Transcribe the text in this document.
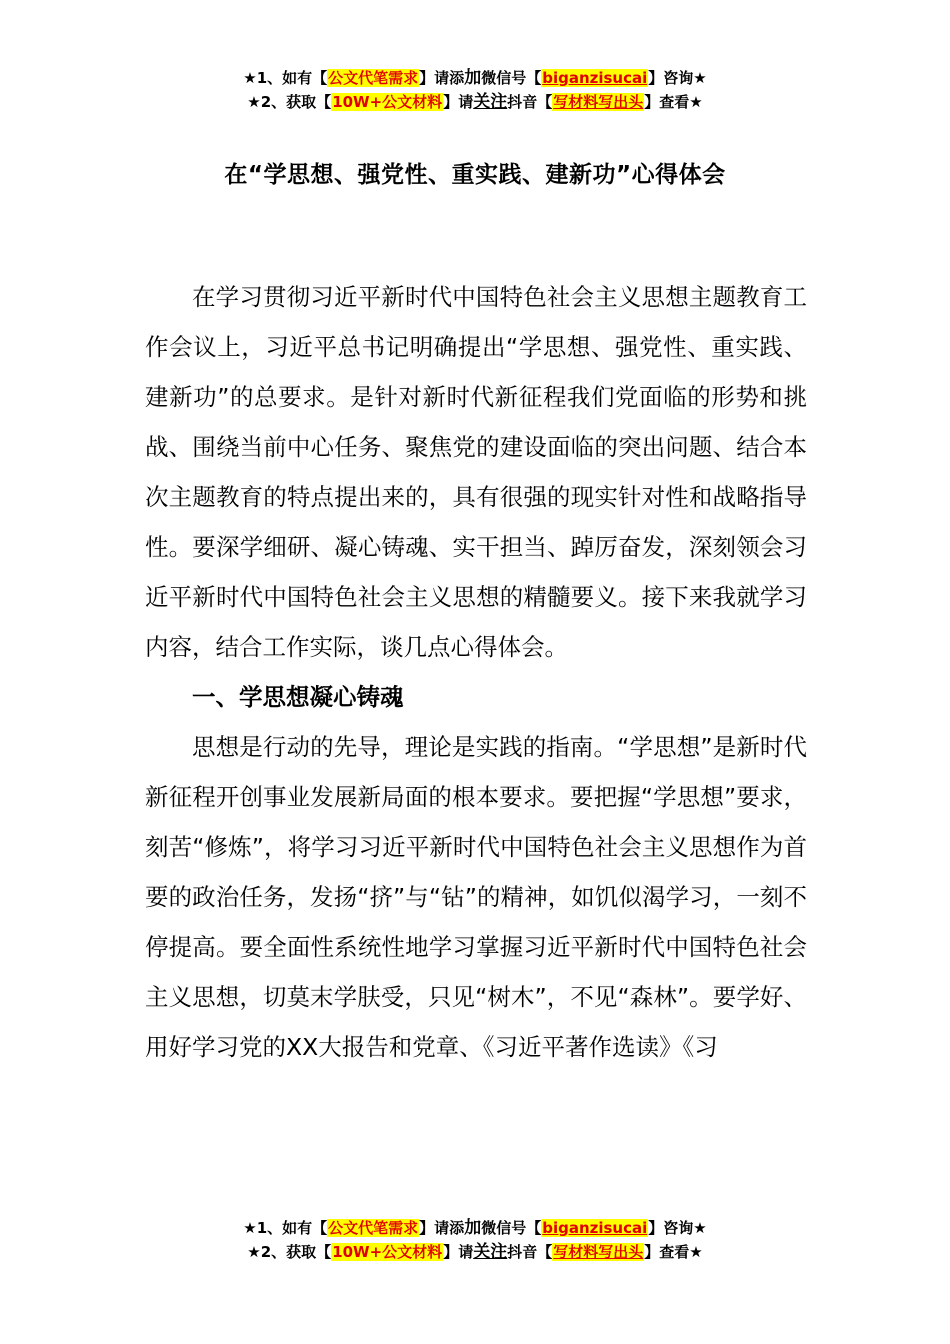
★1、如有【公文代笔需求】请添加微信号【biganzisucai】咨询★
★2、获取【10W+公文材料】请关注抖音【写材料写出头】查看★
在“学思想、强党性、重实践、建新功”心得体会

在学习贯彻习近平新时代中国特色社会主义思想主题教育工作会议上，习近平总书记明确提出“学思想、强党性、重实践、建新功”的总要求。是针对新时代新征程我们党面临的形势和挑战、围绕当前中心任务、聚焦党的建设面临的突出问题、结合本次主题教育的特点提出来的，具有很强的现实针对性和战略指导性。要深学细研、凝心铸魂、实干担当、踔厉奋发，深刻领会习近平新时代中国特色社会主义思想的精髓要义。接下来我就学习内容，结合工作实际，谈几点心得体会。

一、学思想凝心铸魂

思想是行动的先导，理论是实践的指南。“学思想”是新时代新征程开创事业发展新局面的根本要求。要把握“学思想”要求，刻苦“修炼”，将学习习近平新时代中国特色社会主义思想作为首要的政治任务，发扬“挤”与“钻”的精神，如饥似渴学习，一刻不停提高。要全面性系统性地学习掌握习近平新时代中国特色社会主义思想，切莫末学肤受，只见“树木”，不见“森林”。要学好、用好学习党的XX大报告和党章、《习近平著作选读》《习

★1、如有【公文代笔需求】请添加微信号【biganzisucai】咨询★
★2、获取【10W+公文材料】请关注抖音【写材料写出头】查看★
